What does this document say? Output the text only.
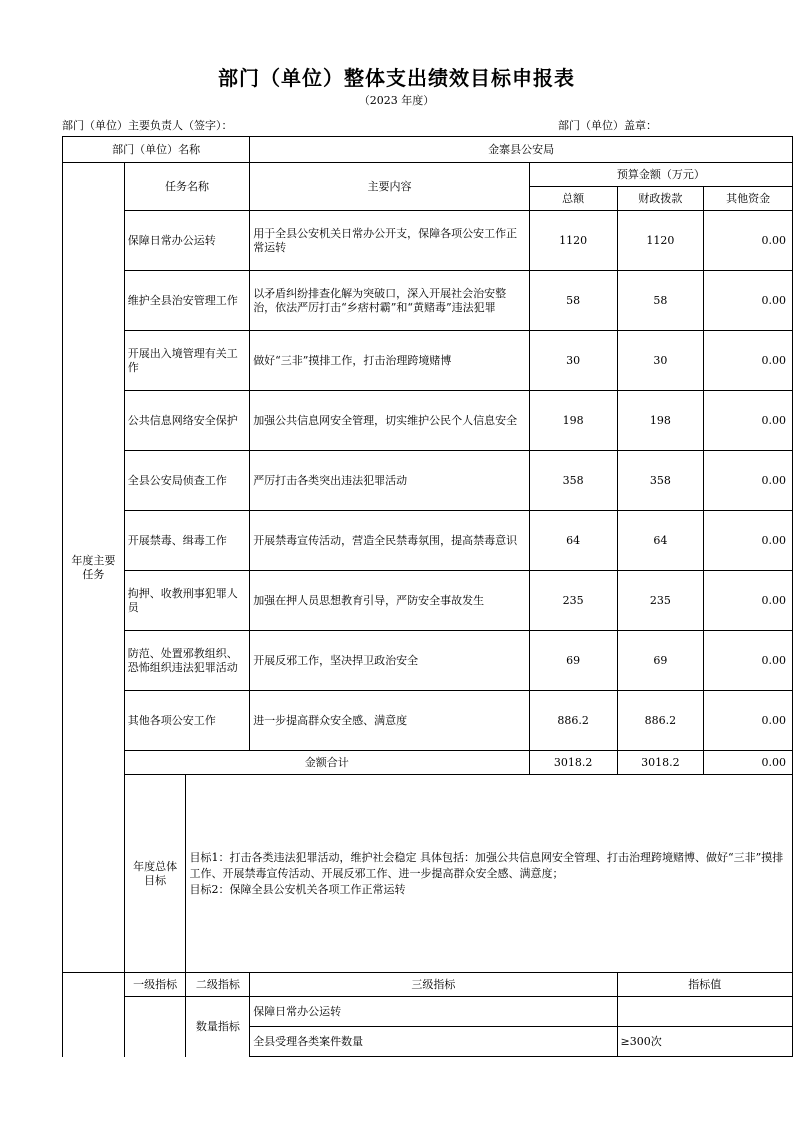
部门（单位）整体支出绩效目标申报表
（2023 年度）
部门（单位）主要负责人（签字）：	部门（单位）盖章：
部门（单位）名称			金寨县公安局			
年度主要任务	任务名称		主要内容	预算金额（万元）		
				总额	财政拨款	其他资金
	保障日常办公运转		用于全县公安机关日常办公开支，保障各项公安工作正常运转	1120	1120	0.00
	维护全县治安管理工作		以矛盾纠纷排查化解为突破口，深入开展社会治安整治，依法严厉打击“乡痞村霸”和“黄赌毒”违法犯罪	58	58	0.00
	开展出入境管理有关工作		做好“三非”摸排工作，打击治理跨境赌博	30	30	0.00
	公共信息网络安全保护		加强公共信息网安全管理，切实维护公民个人信息安全	198	198	0.00
	全县公安局侦查工作		严厉打击各类突出违法犯罪活动	358	358	0.00
	开展禁毒、缉毒工作		开展禁毒宣传活动，营造全民禁毒氛围，提高禁毒意识	64	64	0.00
	拘押、收教刑事犯罪人员		加强在押人员思想教育引导，严防安全事故发生	235	235	0.00
	防范、处置邪教组织、恐怖组织违法犯罪活动		开展反邪工作，坚决捍卫政治安全	69	69	0.00
	其他各项公安工作		进一步提高群众安全感、满意度	886.2	886.2	0.00
	金额合计			3018.2	3018.2	0.00
	年度总体目标	目标1：打击各类违法犯罪活动，维护社会稳定 具体包括：加强公共信息网安全管理、打击治理跨境赌博、做好“三非”摸排工作、开展禁毒宣传活动、开展反邪工作、进一步提高群众安全感、满意度；
目标2：保障全县公安机关各项工作正常运转				

	一级指标	二级指标	三级指标		指标值	
		数量指标	保障日常办公运转			
			全县受理各类案件数量		≥300次	
